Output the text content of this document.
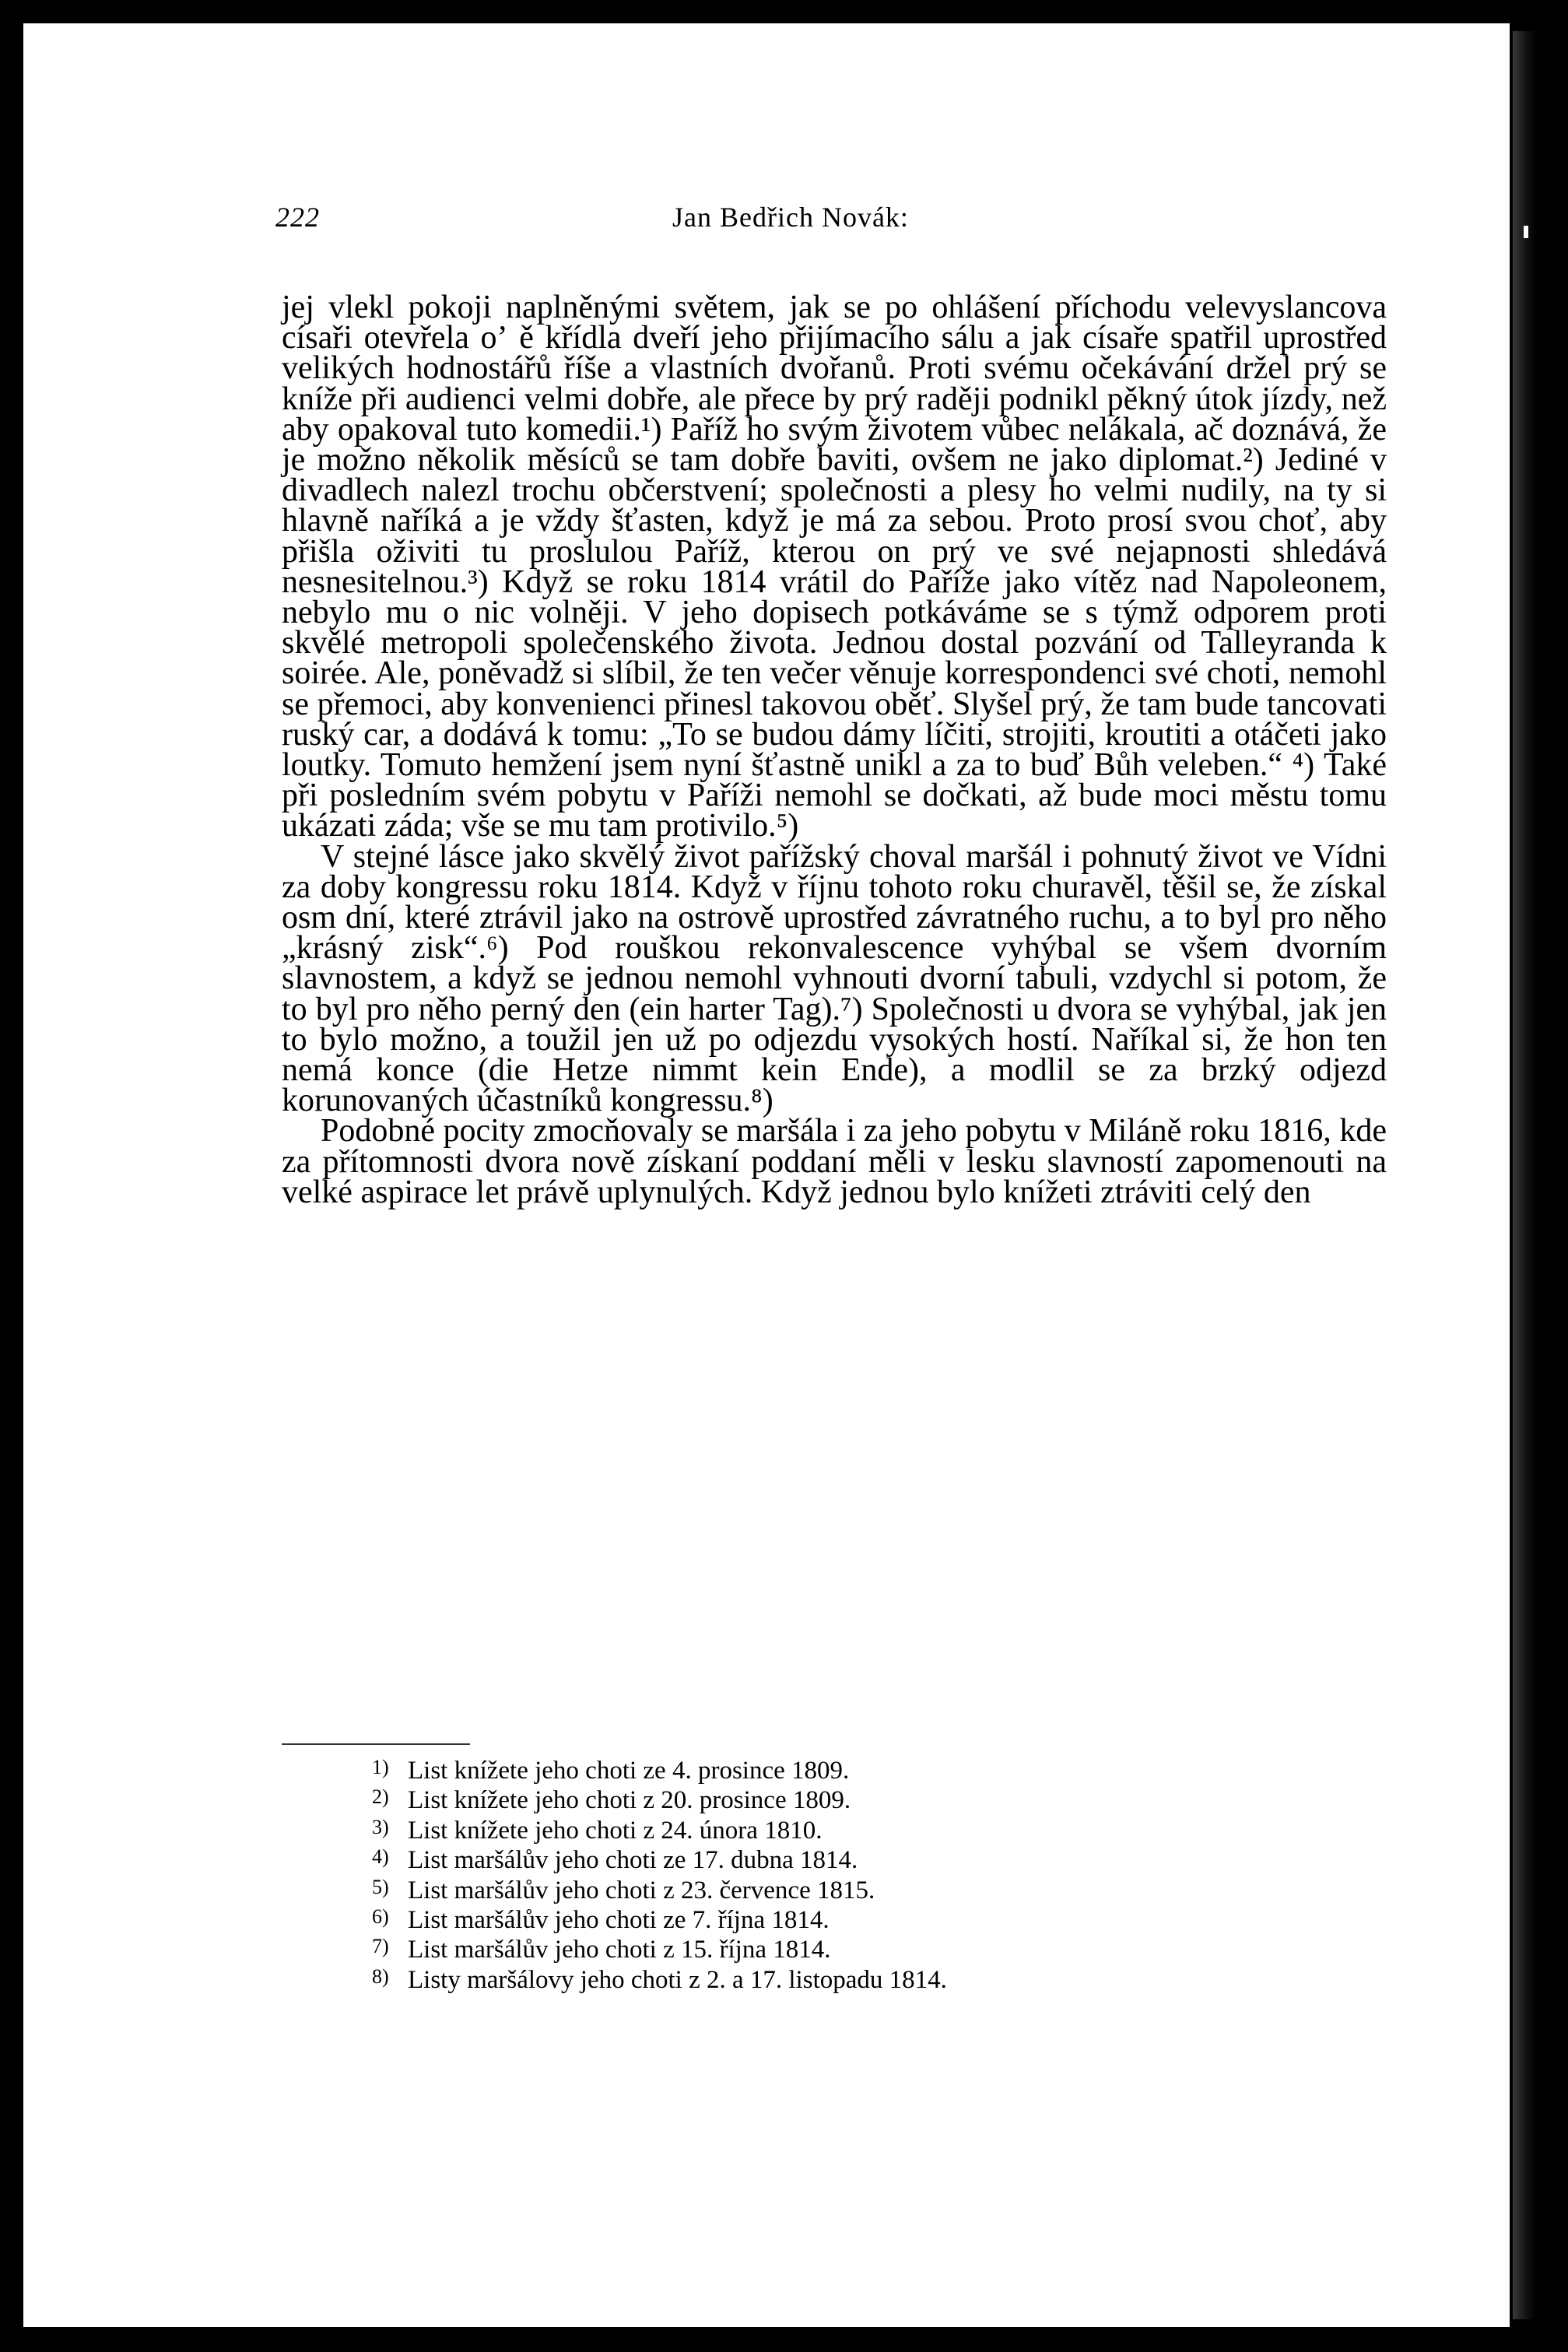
222	Jan Bedřich Novák:

jej vlekl pokoji naplněnými světem, jak se po ohlášení příchodu velevyslancova císaři otevřela oʼ ě křídla dveří jeho přijímacího sálu a jak císaře spatřil uprostřed velikých hodnostářů říše a vlastních dvořanů. Proti svému očekávání držel prý se kníže při audienci velmi dobře, ale přece by prý raději podnikl pěkný útok jízdy, než aby opakoval tuto komedii.¹) Paříž ho svým životem vůbec nelákala, ač doznává, že je možno několik měsíců se tam dobře baviti, ovšem ne jako diplomat.²) Jediné v divadlech nalezl trochu občerstvení; společnosti a plesy ho velmi nudily, na ty si hlavně naříká a je vždy šťasten, když je má za sebou. Proto prosí svou choť, aby přišla oživiti tu proslulou Paříž, kterou on prý ve své nejapnosti shledává nesnesitelnou.³) Když se roku 1814 vrátil do Paříže jako vítěz nad Napoleonem, nebylo mu o nic volněji. V jeho dopisech potkáváme se s týmž odporem proti skvělé metropoli společenského života. Jednou dostal pozvání od Talleyranda k soirée. Ale, poněvadž si slíbil, že ten večer věnuje korrespondenci své choti, nemohl se přemoci, aby konvenienci přinesl takovou oběť. Slyšel prý, že tam bude tancovati ruský car, a dodává k tomu: „To se budou dámy líčiti, strojiti, kroutiti a otáčeti jako loutky. Tomuto hemžení jsem nyní šťastně unikl a za to buď Bůh veleben.“ ⁴) Také při posledním svém pobytu v Paříži nemohl se dočkati, až bude moci městu tomu ukázati záda; vše se mu tam protivilo.⁵)

V stejné lásce jako skvělý život pařížský choval maršál i pohnutý život ve Vídni za doby kongressu roku 1814. Když v říjnu tohoto roku churavěl, těšil se, že získal osm dní, které ztrávil jako na ostrově uprostřed závratného ruchu, a to byl pro něho „krásný zisk“.⁶) Pod rouškou rekonvalescence vyhýbal se všem dvorním slavnostem, a když se jednou nemohl vyhnouti dvorní tabuli, vzdychl si potom, že to byl pro něho perný den (ein harter Tag).⁷) Společnosti u dvora se vyhýbal, jak jen to bylo možno, a toužil jen už po odjezdu vysokých hostí. Naříkal si, že hon ten nemá konce (die Hetze nimmt kein Ende), a modlil se za brzký odjezd korunovaných účastníků kongressu.⁸)

Podobné pocity zmocňovaly se maršála i za jeho pobytu v Miláně roku 1816, kde za přítomnosti dvora nově získaní poddaní měli v lesku slavností zapomenouti na velké aspirace let právě uplynulých. Když jednou bylo knížeti ztráviti celý den

1) List knížete jeho choti ze 4. prosince 1809.
2) List knížete jeho choti z 20. prosince 1809.
3) List knížete jeho choti z 24. února 1810.
4) List maršálův jeho choti ze 17. dubna 1814.
5) List maršálův jeho choti z 23. července 1815.
6) List maršálův jeho choti ze 7. října 1814.
7) List maršálův jeho choti z 15. října 1814.
8) Listy maršálovy jeho choti z 2. a 17. listopadu 1814.
